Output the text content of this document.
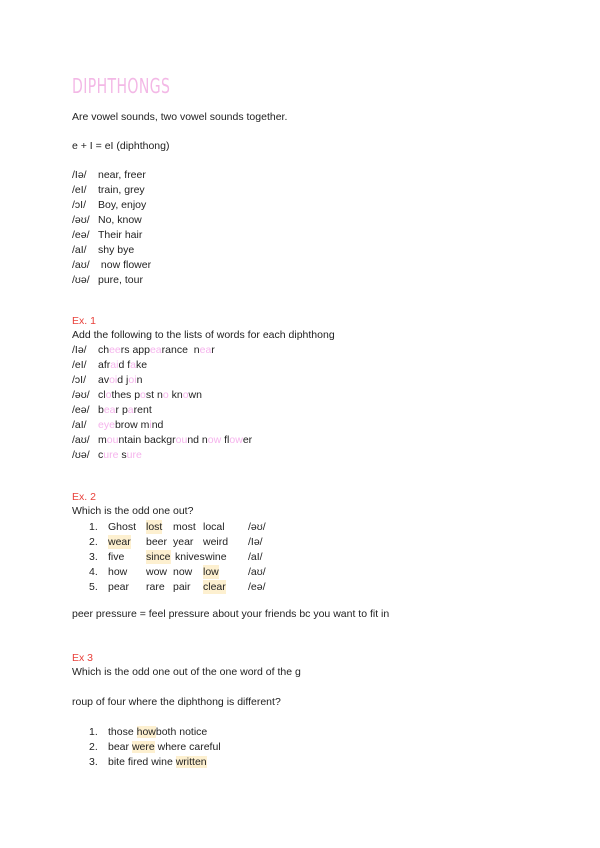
DIPHTHONGS
Are vowel sounds, two vowel sounds together.
e + I = eI (diphthong)
/Iə/ near, freer
/eI/ train, grey
/ɔI/ Boy, enjoy
/əʊ/ No, know
/eə/ Their hair
/aI/ shy bye
/aʊ/ now flower
/ʊə/ pure, tour
Ex. 1
Add the following to the lists of words for each diphthong
/Iə/ cheers appearance  near
/eI/ afraid fake
/ɔI/ avoid join
/əʊ/ clothes post no known
/eə/ bear parent
/aI/ eyebrow mind
/aʊ/ mountain background now flower
/ʊə/ cure sure
Ex. 2
Which is the odd one out?
1. Ghost lost most local /əʊ/
2. wear beer year weird /Iə/
3. five since knives wine /aI/
4. how wow now low	/aʊ/
5. pear rare pair clear /eə/
peer pressure = feel pressure about your friends bc you want to fit in
Ex 3
Which is the odd one out of the one word of the g
roup of four where the diphthong is different?
1. those howboth notice
2. bear were where careful
3. bite fired wine written
